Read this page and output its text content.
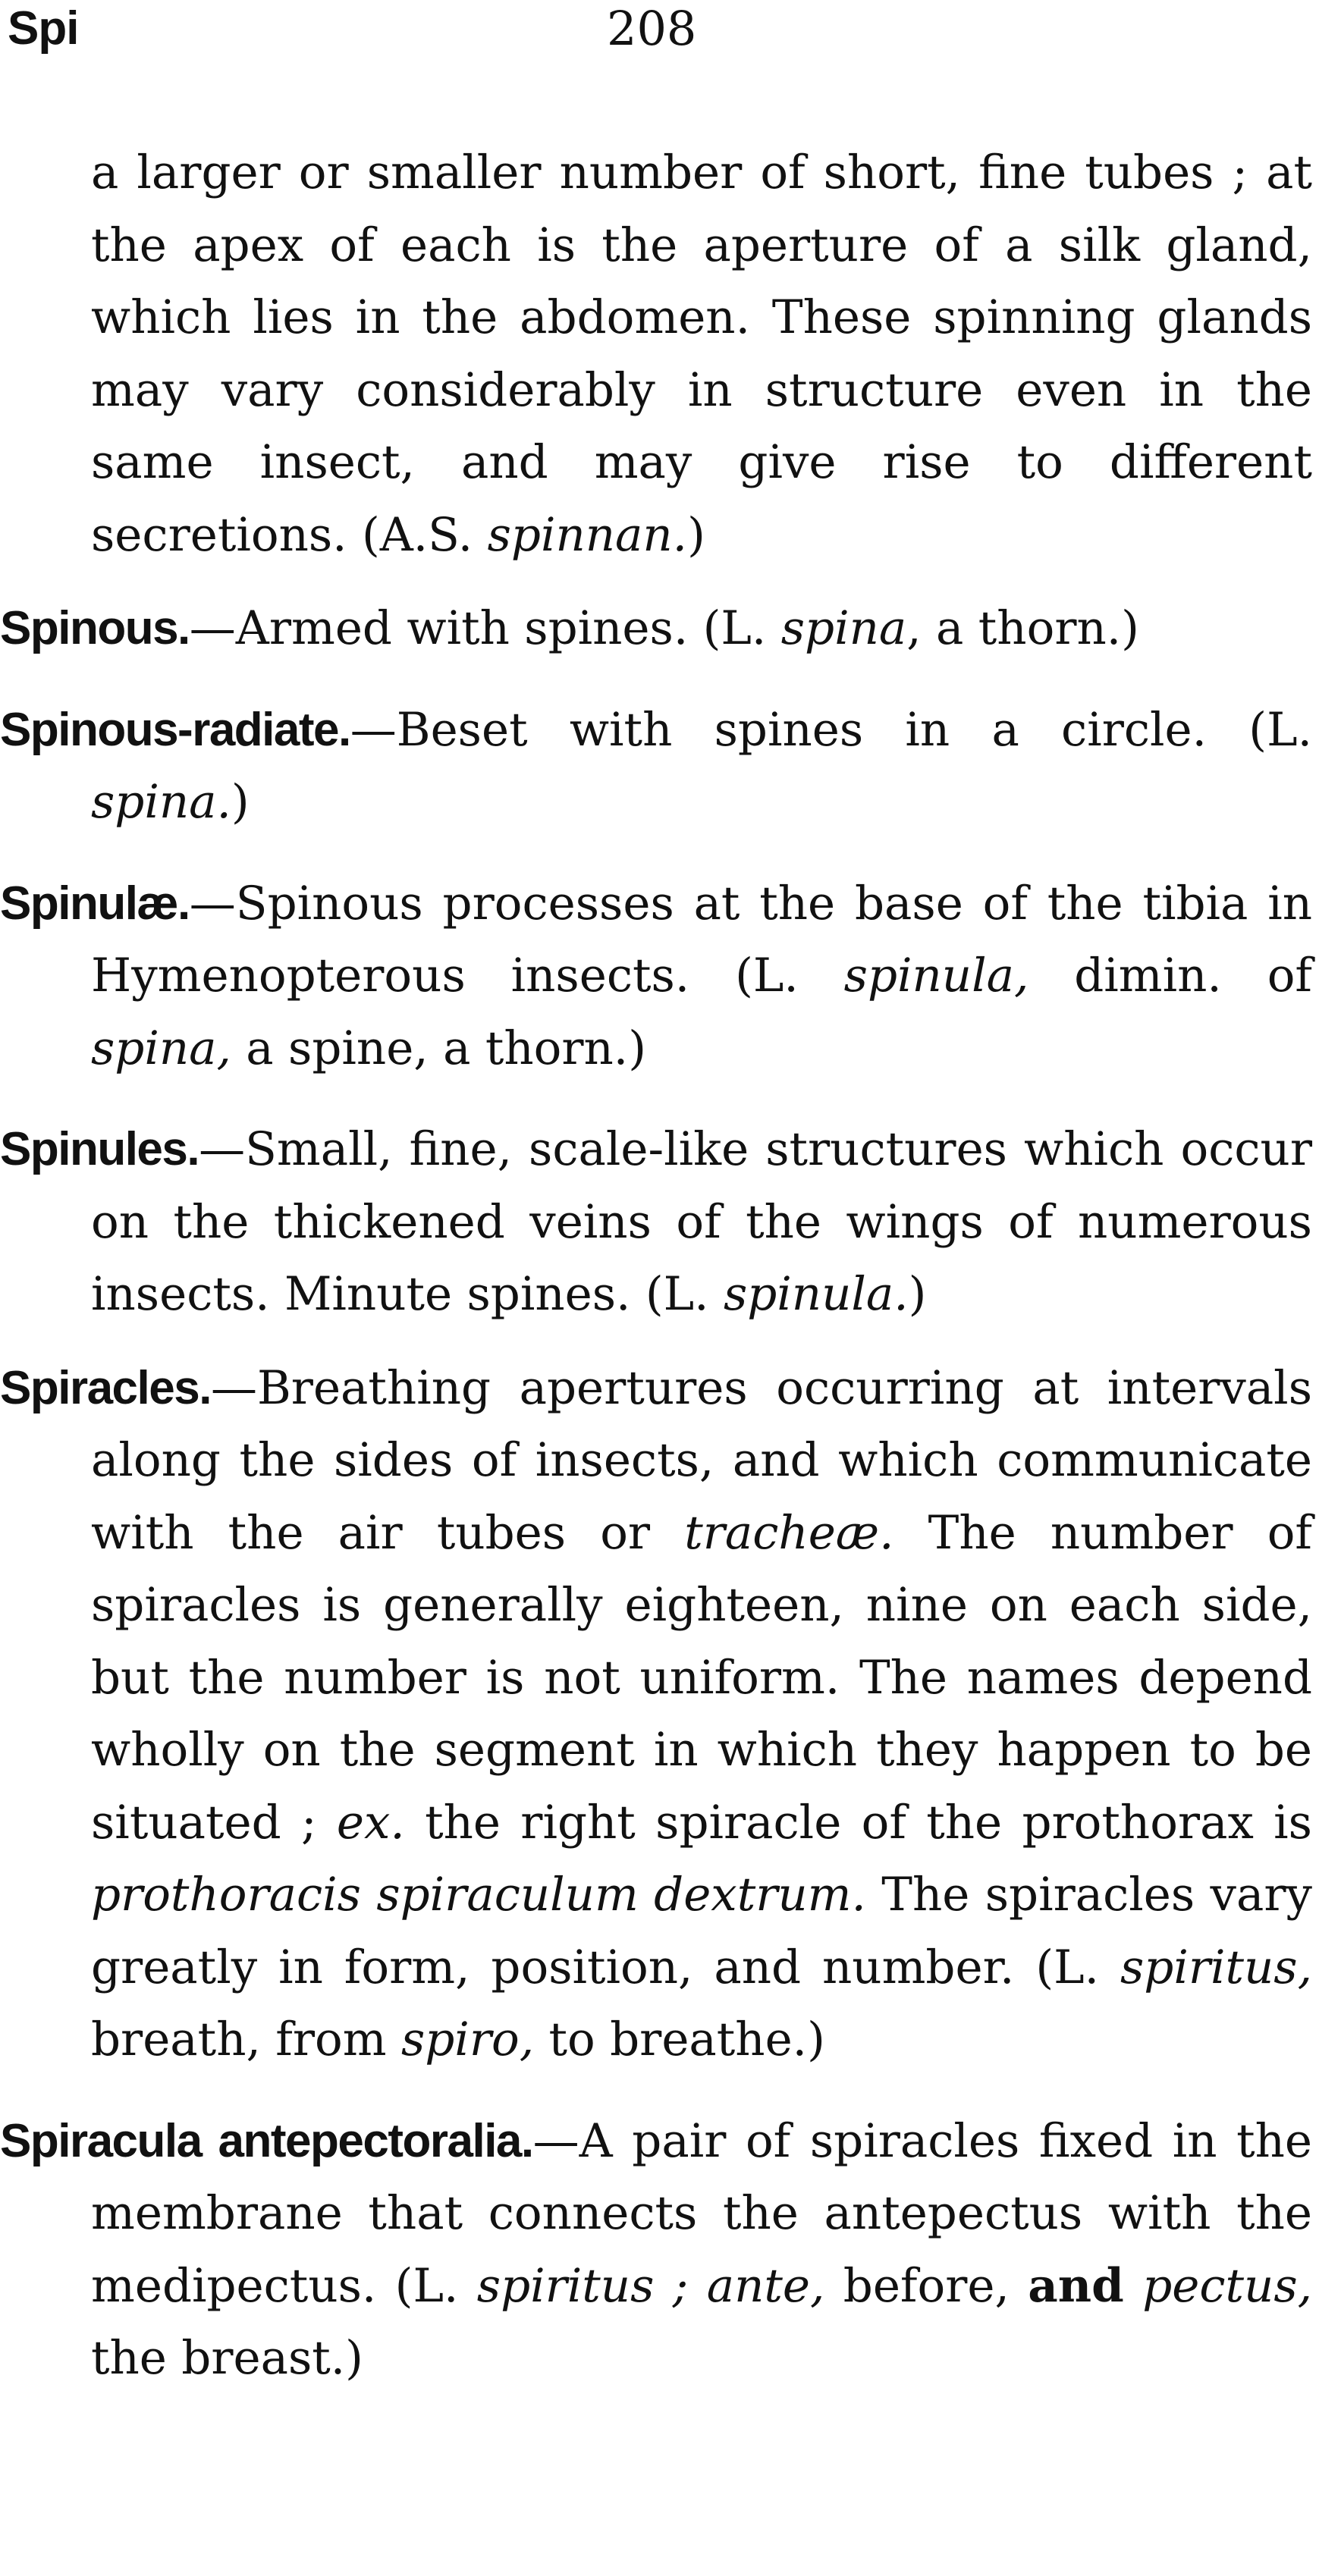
Spi	208

a larger or smaller number of short, fine tubes ; at the apex of each is the aperture of a silk gland, which lies in the abdomen. These spinning glands may vary considerably in structure even in the same insect, and may give rise to different secretions. (A.S. spinnan.)

Spinous.—Armed with spines. (L. spina, a thorn.)

Spinous-radiate.—Beset with spines in a circle. (L. spina.)

Spinulæ.—Spinous processes at the base of the tibia in Hymenopterous insects. (L. spinula, dimin. of spina, a spine, a thorn.)

Spinules.—Small, fine, scale-like structures which occur on the thickened veins of the wings of numerous insects. Minute spines. (L. spinula.)

Spiracles.—Breathing apertures occurring at intervals along the sides of insects, and which communicate with the air tubes or tracheæ. The number of spiracles is generally eighteen, nine on each side, but the number is not uniform. The names depend wholly on the segment in which they happen to be situated ; ex. the right spiracle of the prothorax is prothoracis spiraculum dextrum. The spiracles vary greatly in form, position, and number. (L. spiritus, breath, from spiro, to breathe.)

Spiracula antepectoralia.—A pair of spiracles fixed in the membrane that connects the antepectus with the medipectus. (L. spiritus ; ante, before, and pectus, the breast.)
